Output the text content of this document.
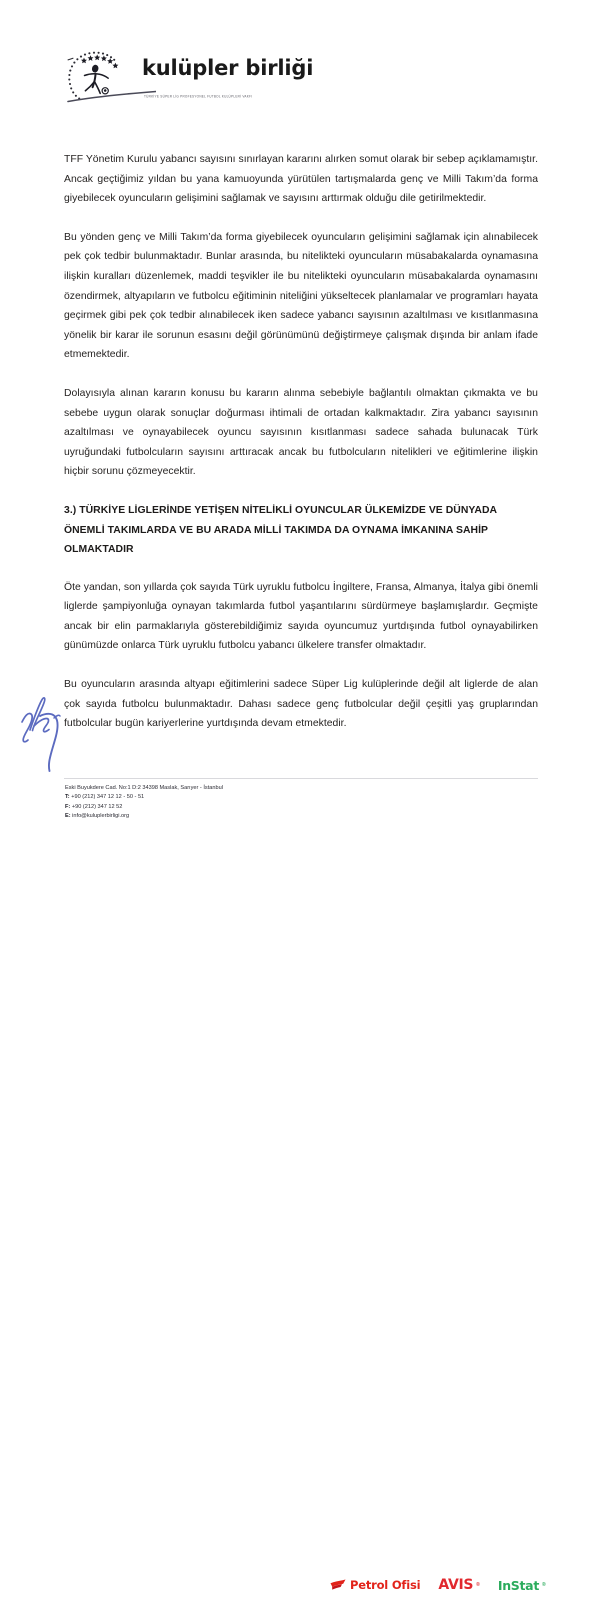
kulüpler birliği
TÜRKİYE SÜPER LİG PROFESYONEL FUTBOL KULÜPLERİ VAKFI

TFF Yönetim Kurulu yabancı sayısını sınırlayan kararını alırken somut olarak bir sebep açıklamamıştır. Ancak geçtiğimiz yıldan bu yana kamuoyunda yürütülen tartışmalarda genç ve Milli Takım’da forma giyebilecek oyuncuların gelişimini sağlamak ve sayısını arttırmak olduğu dile getirilmektedir.

Bu yönden genç ve Milli Takım’da forma giyebilecek oyuncuların gelişimini sağlamak için alınabilecek pek çok tedbir bulunmaktadır. Bunlar arasında, bu nitelikteki oyuncuların müsabakalarda oynamasına ilişkin kuralları düzenlemek, maddi teşvikler ile bu nitelikteki oyuncuların müsabakalarda oynamasını özendirmek, altyapıların ve futbolcu eğitiminin niteliğini yükseltecek planlamalar ve programları hayata geçirmek gibi pek çok tedbir alınabilecek iken sadece yabancı sayısının azaltılması ve kısıtlanmasına yönelik bir karar ile sorunun esasını değil görünümünü değiştirmeye çalışmak dışında bir anlam ifade etmemektedir.

Dolayısıyla alınan kararın konusu bu kararın alınma sebebiyle bağlantılı olmaktan çıkmakta ve bu sebebe uygun olarak sonuçlar doğurması ihtimali de ortadan kalkmaktadır. Zira yabancı sayısının azaltılması ve oynayabilecek oyuncu sayısının kısıtlanması sadece sahada bulunacak Türk uyruğundaki futbolcuların sayısını arttıracak ancak bu futbolcuların nitelikleri ve eğitimlerine ilişkin hiçbir sorunu çözmeyecektir.

3.) TÜRKİYE LİGLERİNDE YETİŞEN NİTELİKLİ OYUNCULAR ÜLKEMİZDE VE DÜNYADA ÖNEMLİ TAKIMLARDA VE BU ARADA MİLLİ TAKIMDA DA OYNAMA İMKANINA SAHİP OLMAKTADIR

Öte yandan, son yıllarda çok sayıda Türk uyruklu futbolcu İngiltere, Fransa, Almanya, İtalya gibi önemli liglerde şampiyonluğa oynayan takımlarda futbol yaşantılarını sürdürmeye başlamışlardır. Geçmişte ancak bir elin parmaklarıyla gösterebildiğimiz sayıda oyuncumuz yurtdışında futbol oynayabilirken günümüzde onlarca Türk uyruklu futbolcu yabancı ülkelere transfer olmaktadır.

Bu oyuncuların arasında altyapı eğitimlerini sadece Süper Lig kulüplerinde değil alt liglerde de alan çok sayıda futbolcu bulunmaktadır. Dahası sadece genç futbolcular değil çeşitli yaş gruplarından futbolcular bugün kariyerlerine yurtdışında devam etmektedir.

Eski Buyukdere Cad. No:1 D:2 34398 Maslak, Sarıyer - İstanbul
T: +90 (212) 347 12 12 - 50 - 51
F: +90 (212) 347 12 52
E: info@kuluplerbirligi.org
Petrol Ofisi AVIS ® InStat ®
